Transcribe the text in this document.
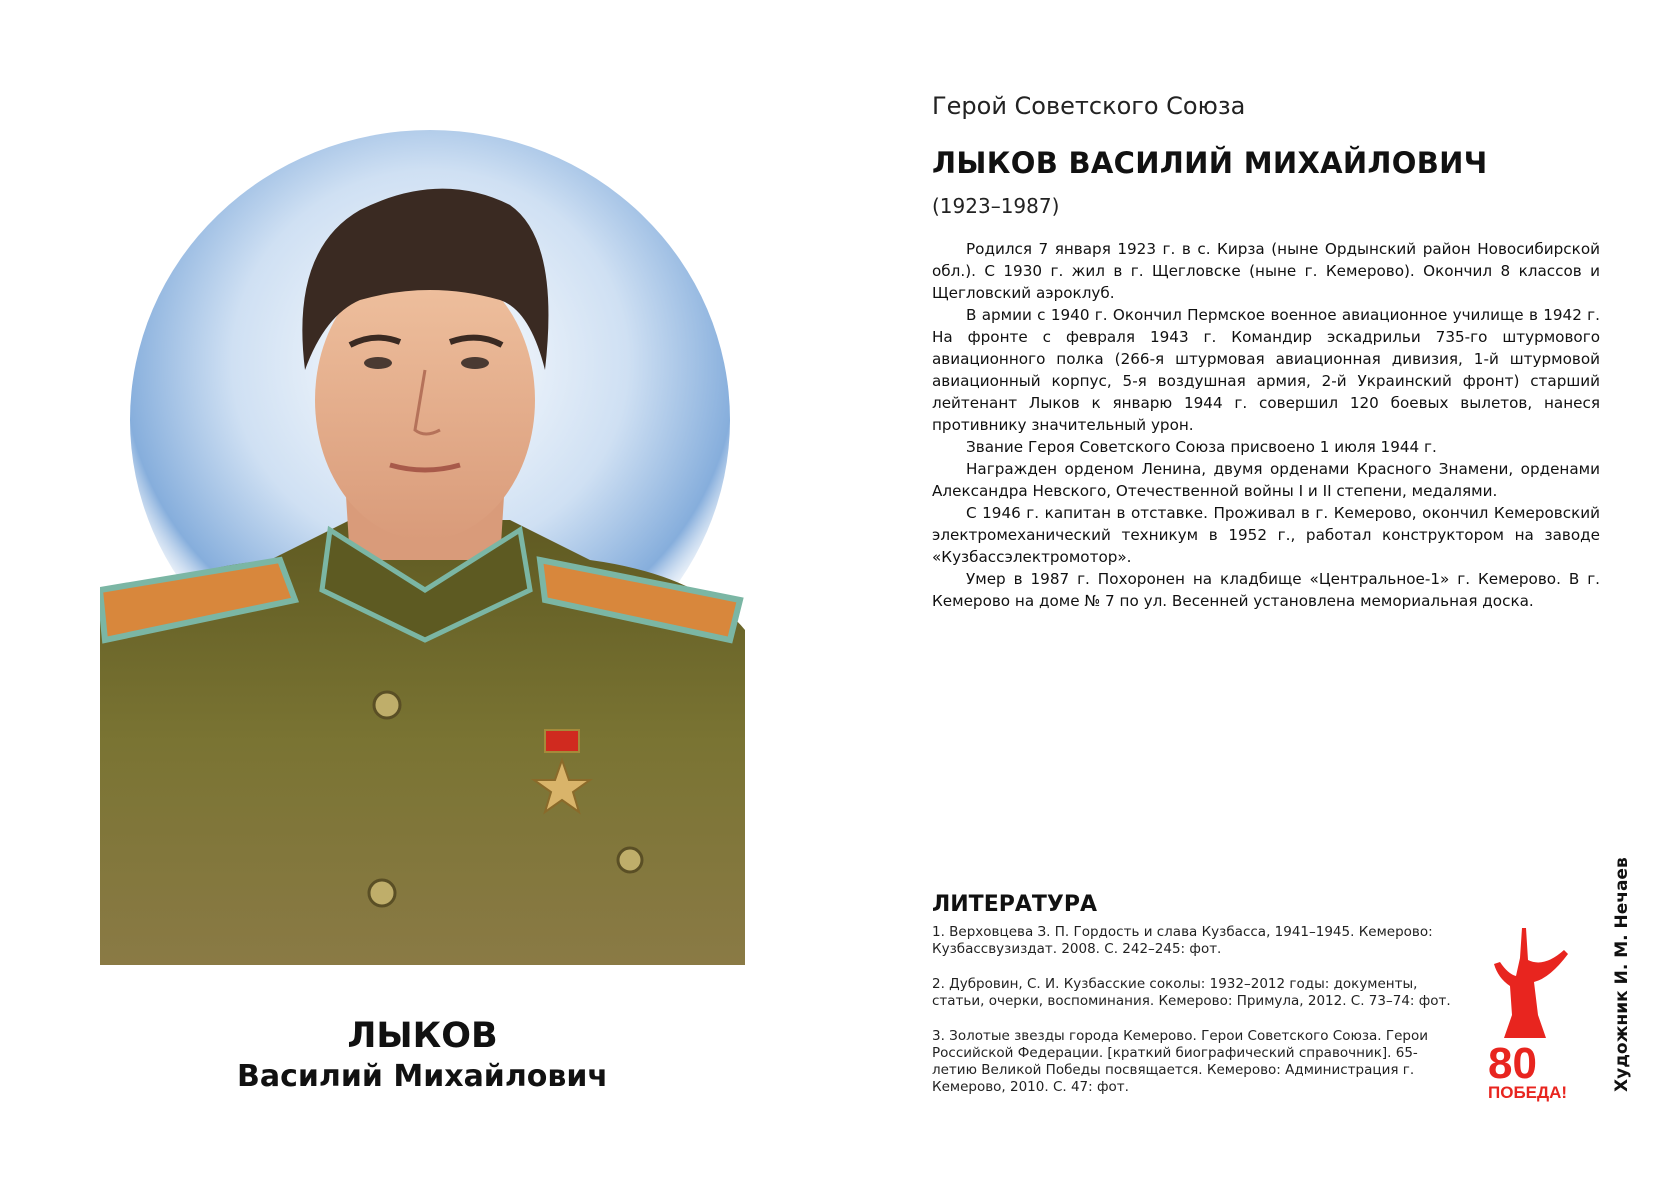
ЛЫКОВ
Василий Михайлович
Герой Советского Союза
ЛЫКОВ ВАСИЛИЙ МИХАЙЛОВИЧ
(1923–1987)

Родился 7 января 1923 г. в с. Кирза (ныне Ордынский район Новосибирской обл.). С 1930 г. жил в г. Щегловске (ныне г. Кемерово). Окончил 8 классов и Щегловский аэроклуб.

В армии с 1940 г. Окончил Пермское военное авиационное училище в 1942 г. На фронте с февраля 1943 г. Командир эскадрильи 735-го штурмового авиационного полка (266-я штурмовая авиационная дивизия, 1-й штурмовой авиационный корпус, 5-я воздушная армия, 2-й Украинский фронт) старший лейтенант Лыков к январю 1944 г. совершил 120 боевых вылетов, нанеся противнику значительный урон.

Звание Героя Советского Союза присвоено 1 июля 1944 г.

Награжден орденом Ленина, двумя орденами Красного Знамени, орденами Александра Невского, Отечественной войны I и II степени, медалями.

С 1946 г. капитан в отставке. Проживал в г. Кемерово, окончил Кемеровский электромеханический техникум в 1952 г., работал конструктором на заводе «Кузбассэлектромотор».

Умер в 1987 г. Похоронен на кладбище «Центральное-1» г. Кемерово. В г. Кемерово на доме № 7 по ул. Весенней установлена мемориальная доска.

ЛИТЕРАТУРА
1. Верховцева З. П. Гордость и слава Кузбасса, 1941–1945. Кемерово: Кузбассвузиздат. 2008. С. 242–245: фот.
2. Дубровин, С. И. Кузбасские соколы: 1932–2012 годы: документы, статьи, очерки, воспоминания. Кемерово: Примула, 2012. С. 73–74: фот.
3. Золотые звезды города Кемерово. Герои Советского Союза. Герои Российской Федерации. [краткий биографический справочник]. 65-летию Великой Победы посвящается. Кемерово: Администрация г. Кемерово, 2010. С. 47: фот.	80
ПОБЕДА!
Художник И. М. Нечаев
